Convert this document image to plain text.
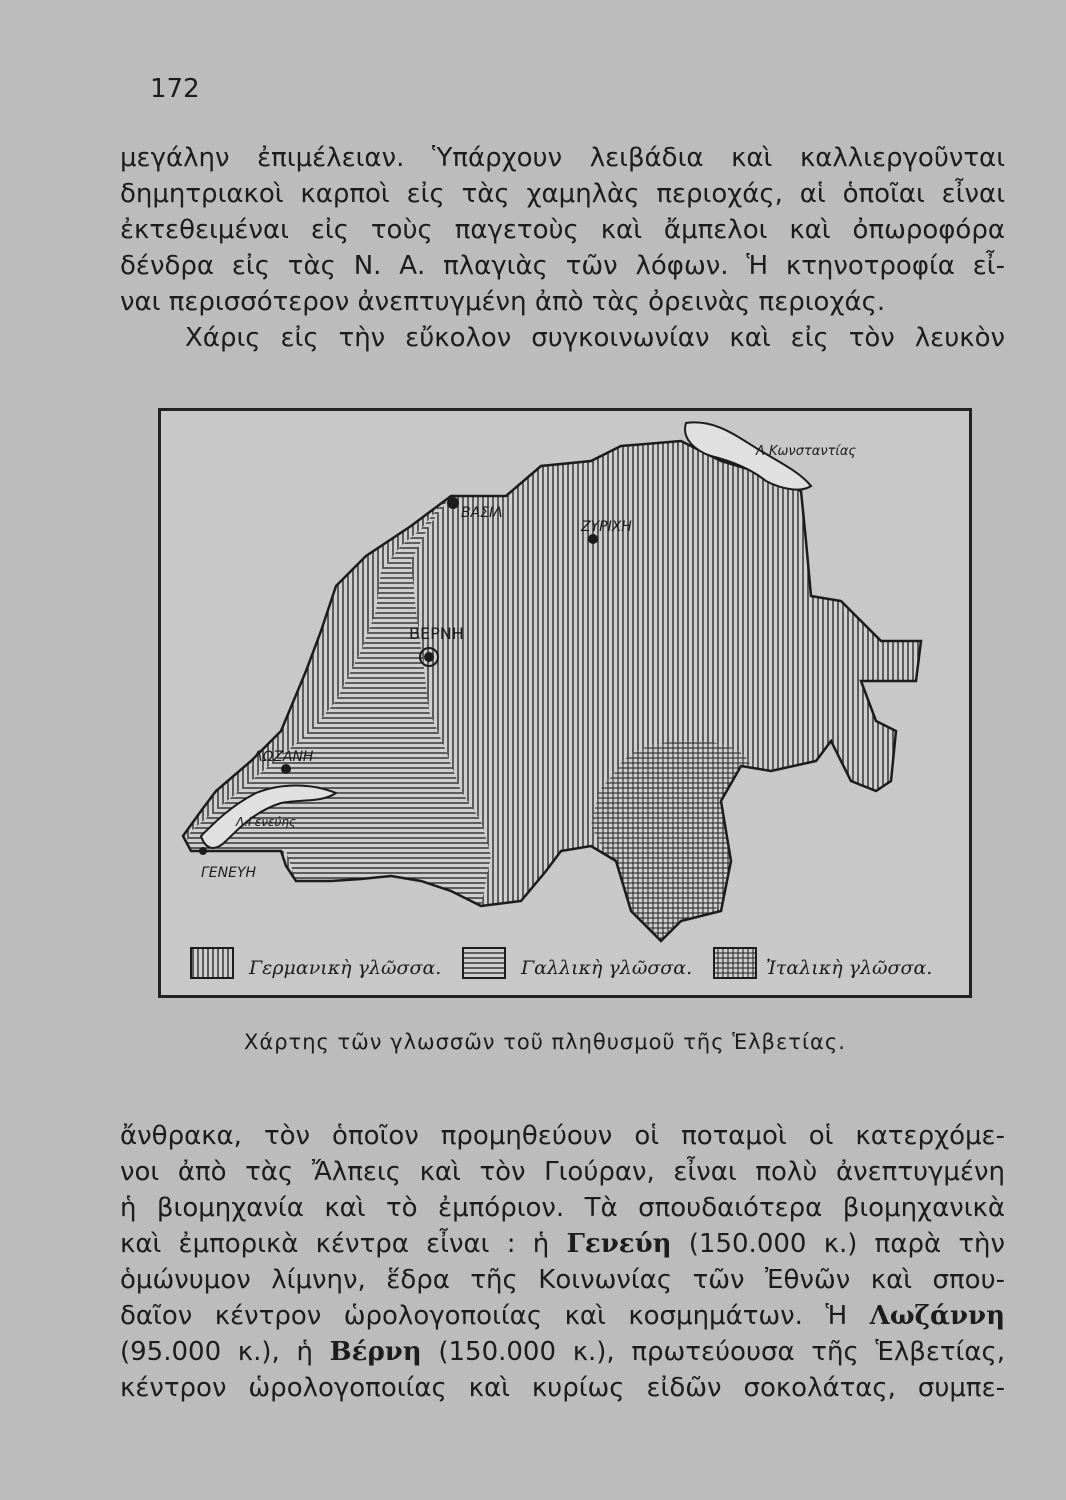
172

μεγάλην ἐπιμέλειαν. Ὑπάρχουν λειβάδια καὶ καλλιεργοῦνται
δημητριακοὶ καρποὶ εἰς τὰς χαμηλὰς περιοχάς, αἱ ὁποῖαι εἶναι
ἐκτεθειμέναι εἰς τοὺς παγετοὺς καὶ ἄμπελοι καὶ ὀπωροφόρα
δένδρα εἰς τὰς Ν. Α. πλαγιὰς τῶν λόφων. Ἡ κτηνοτροφία εἶ-
ναι περισσότερον ἀνεπτυγμένη ἀπὸ τὰς ὀρεινὰς περιοχάς.
Χάρις εἰς τὴν εὔκολον συγκοινωνίαν καὶ εἰς τὸν λευκὸν

Λ.Κωνσταντίας
ΒΑΣΙΛ
ΖΥΡΙΧΗ
ΒΕΡΝΗ
ΛΩΖΑΝΗ
Λ.Γενεύης
ΓΕΝΕΥΗ
Γερμανικὴ γλῶσσα.	Γαλλικὴ γλῶσσα.	Ἰταλικὴ γλῶσσα.
Χάρτης τῶν γλωσσῶν τοῦ πληθυσμοῦ τῆς Ἑλβετίας.

ἄνθρακα, τὸν ὁποῖον προμηθεύουν οἱ ποταμοὶ οἱ κατερχόμε-
νοι ἀπὸ τὰς Ἄλπεις καὶ τὸν Γιούραν, εἶναι πολὺ ἀνεπτυγμένη
ἡ βιομηχανία καὶ τὸ ἐμπόριον. Τὰ σπουδαιότερα βιομηχανικὰ
καὶ ἐμπορικὰ κέντρα εἶναι : ἡ Γενεύη (150.000 κ.) παρὰ τὴν
ὁμώνυμον λίμνην, ἕδρα τῆς Κοινωνίας τῶν Ἐθνῶν καὶ σπου-
δαῖον κέντρον ὡρολογοποιίας καὶ κοσμημάτων. Ἡ Λωζάννη
(95.000 κ.), ἡ Βέρνη (150.000 κ.), πρωτεύουσα τῆς Ἑλβετίας,
κέντρον ὡρολογοποιίας καὶ κυρίως εἰδῶν σοκολάτας, συμπε-
